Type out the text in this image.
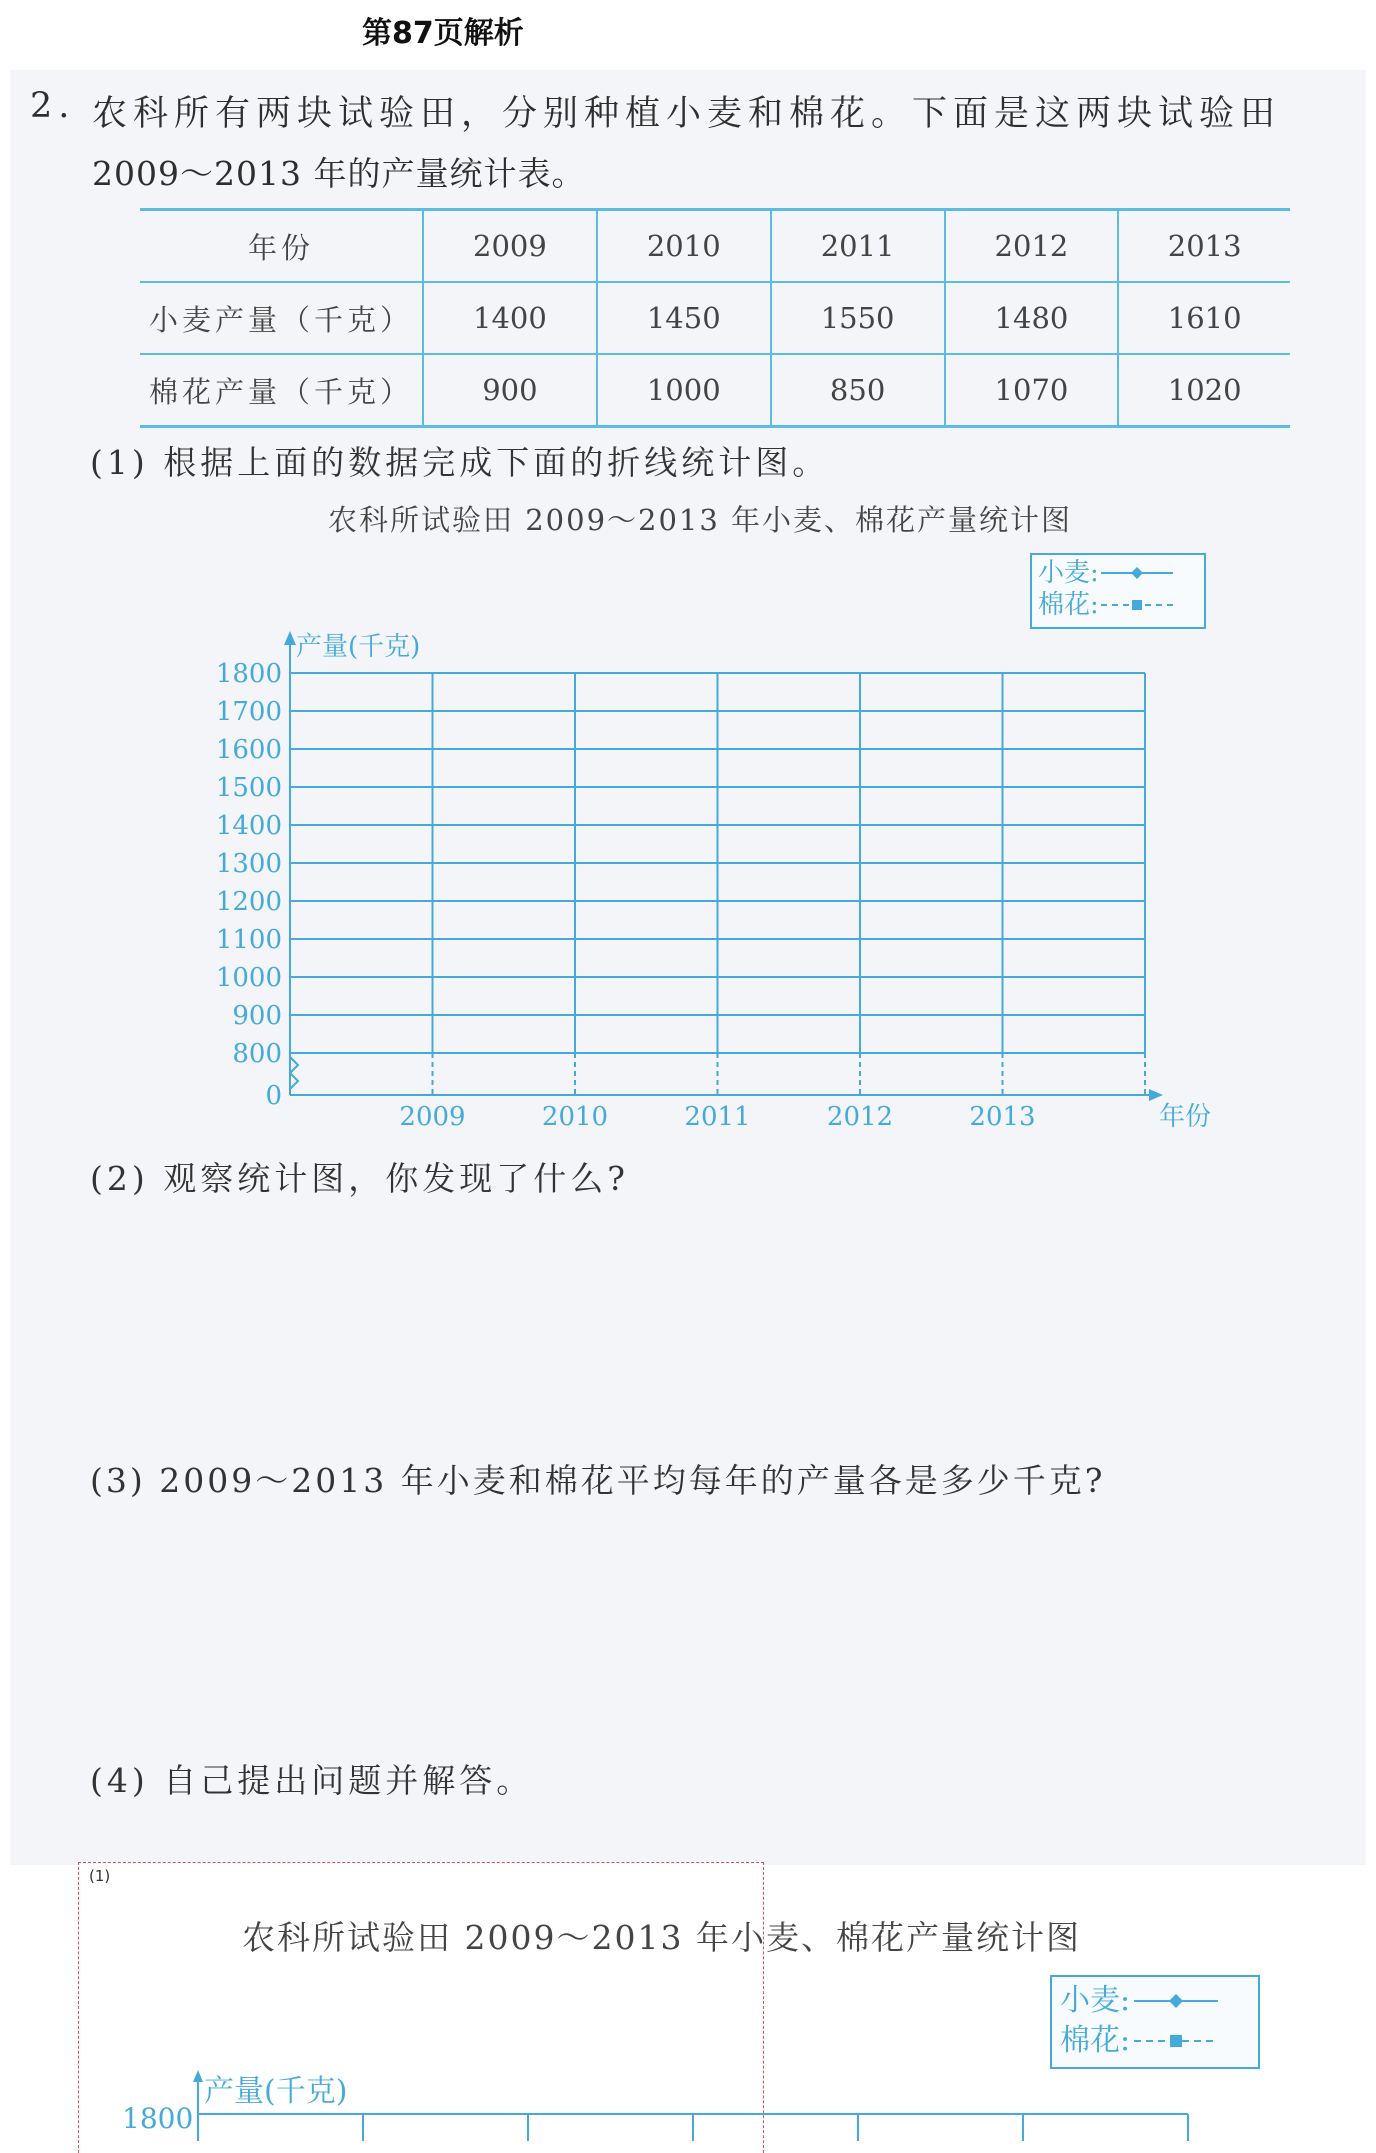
第87页解析
2. 农科所有两块试验田，分别种植小麦和棉花。下面是这两块试验田
2009～2013 年的产量统计表。
年份	2009	2010	2011	2012	2013
小麦产量（千克）	1400	1450	1550	1480	1610
棉花产量（千克）	900	1000	850	1070	1020
(1) 根据上面的数据完成下面的折线统计图。
农科所试验田 2009～2013 年小麦、棉花产量统计图
小麦:
棉花:
1800
1700
1600
1500
1400
1300
1200
1100
1000
900
800
0
产量(千克)
2009	2010	2011	2012	2013	年份
(2) 观察统计图，你发现了什么?
(3) 2009～2013 年小麦和棉花平均每年的产量各是多少千克?
(4) 自己提出问题并解答。
(1)
农科所试验田 2009～2013 年小麦、棉花产量统计图
小麦:
棉花:
产量(千克)
1800
